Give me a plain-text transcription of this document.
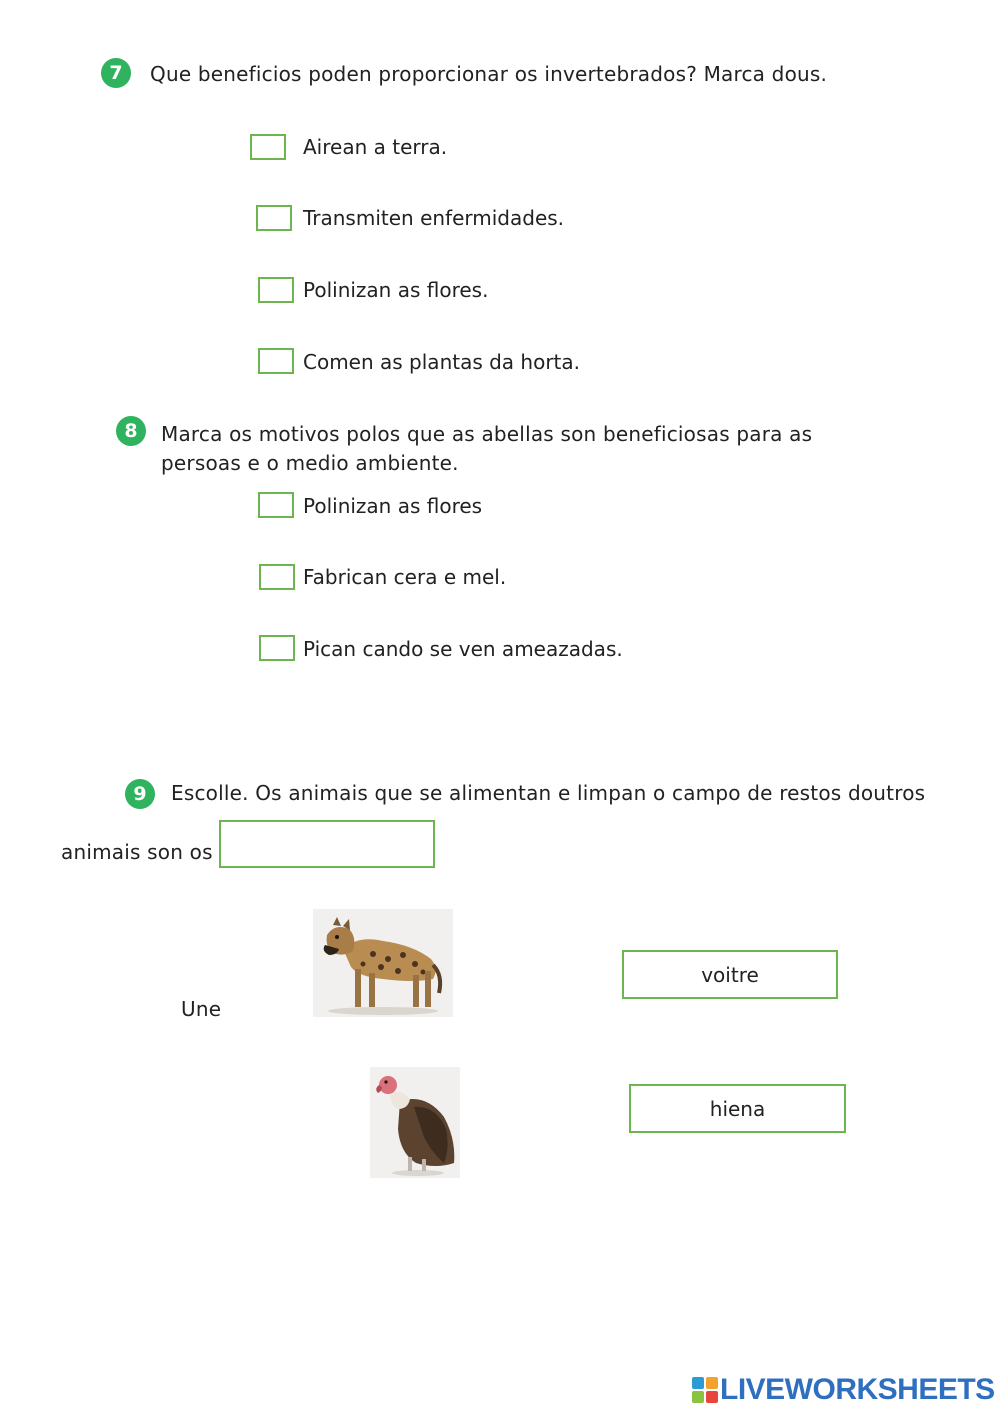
7 Que beneficios poden proporcionar os invertebrados? Marca dous.
Airean a terra.
Transmiten enfermidades.
Polinizan as flores.
Comen as plantas da horta.
8 Marca os motivos polos que as abellas son beneficiosas para as persoas e o medio ambiente.
Polinizan as flores
Fabrican cera e mel.
Pican cando se ven ameazadas.
9 Escolle. Os animais que se alimentan e limpan o campo de restos doutros
animais son os
Une
voitre
hiena
LIVEWORKSHEETS
